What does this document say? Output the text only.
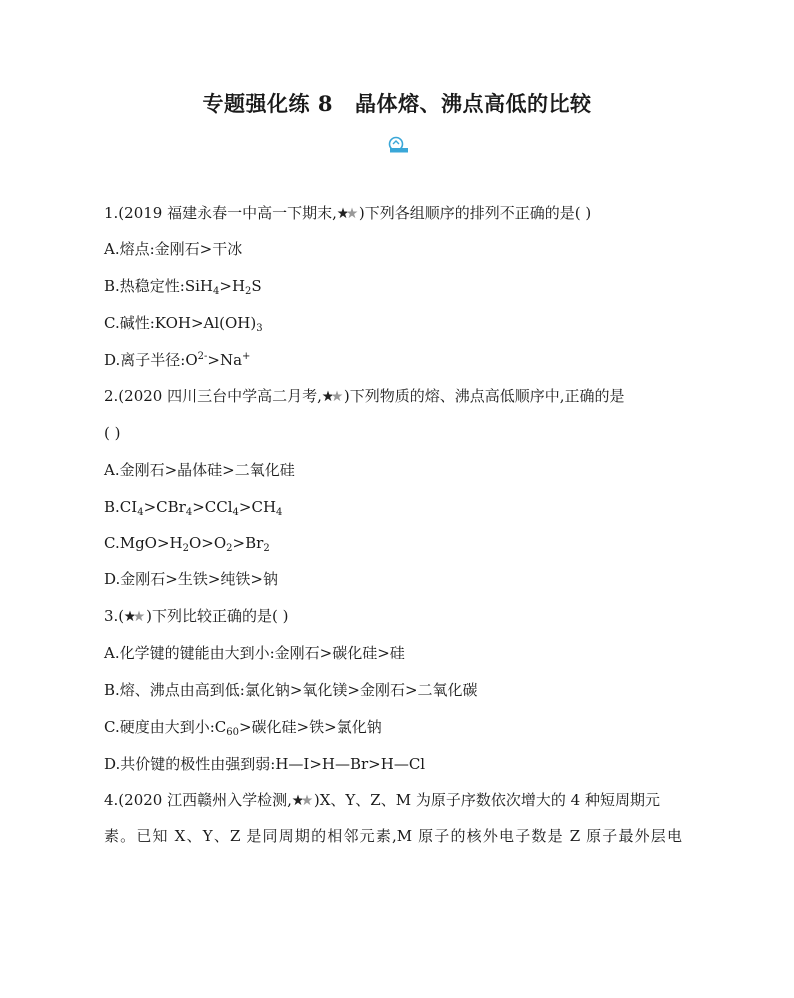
专题强化练 8 晶体熔、沸点高低的比较
1.(2019 福建永春一中高一下期末, )下列各组顺序的排列不正确的是( )
A.熔点:金刚石>干冰
B.热稳定性$:SiH_4>H_2S$
C.碱性$:KOH>Al(OH)_3$
D.离子半径$:O^{2-}>Na^+$
2.(2020 四川三台中学高二月考, )下列物质的熔、沸点高低顺序中,正确的是
( )
A.金刚石>晶体硅>二氧化硅
$B.CI_4>CBr_4>CCl_4>CH_4$
$C.MgO>H_2O>O_2>Br_2$
D.金刚石>生铁>纯铁>钠
3.( )下列比较正确的是( )
A.化学键的键能由大到小:金刚石>碳化硅>硅
B.熔、沸点由高到低:氯化钠>氧化镁>金刚石>二氧化碳
C.硬度由大到小$:C_{60}>$碳化硅>铁>氯化钠
D.共价键的极性由强到弱:H—I>H—Br>H—Cl
4.(2020 江西赣州入学检测, )X、Y、Z、M 为原子序数依次增大的 4 种短周期元
素。已知 X、Y、Z 是同周期的相邻元素,M 原子的核外电子数是 Z 原子最外层电
